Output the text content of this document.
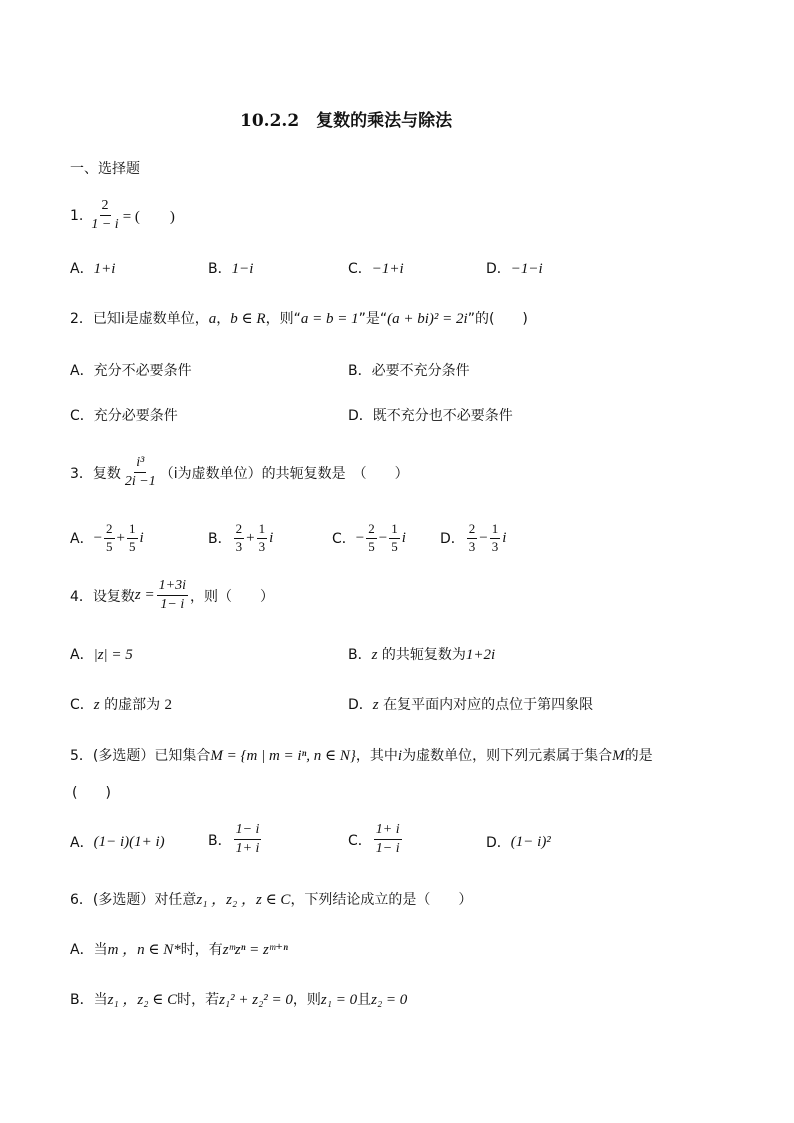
10.2.2　复数的乘法与除法
一、选择题
1. $\frac{2}{1 - i}$ = (　　)
A．1+i	B．1−i	C．−1+i	D．−1−i
2．已知i是虚数单位，a，b ∈ R，则“a = b = 1”是“(a + bi)² = 2i”的(　　)
A．充分不必要条件	B．必要不充分条件
C．充分必要条件	D．既不充分也不必要条件
3．复数 $\frac{\text{i³}}{2i -1} (i$为虚数单位）的共轭复数是　（　　）
A． − $\frac{2}{5} + \frac{1}{5}$ i	B． $\frac{2}{3} + \frac{1}{3}$ i	C． − $\frac{2}{5} - \frac{1}{5}$ i D． $\frac{2}{3} - \frac{1}{3}$ i
4．设复数 $z = \frac{1+3i}{1- i}$ ，则（　　）
A．|z| = 5	B．z 的共轭复数为1+2i
C．z 的虚部为 2	D．z 在复平面内对应的点位于第四象限
5．(多选题）已知集合M = {m | m = iⁿ, n ∈ N}，其中i为虚数单位，则下列元素属于集合M的是
(　　)
A． (1− i)(1+ i)	B． $\frac{1- i}{1+ i}$	C． $\frac{1+ i}{1- i}$	D． (1− i)²
6．(多选题）对任意z₁ ，z₂ ，z ∈ C，下列结论成立的是（　　）
A．当m ，n ∈ N*时，有zᵐzⁿ = zᵐ⁺ⁿ
B．当z₁ ，z₂ ∈ C时，若z₁² + z₂² = 0，则z₁ = 0且z₂ = 0
